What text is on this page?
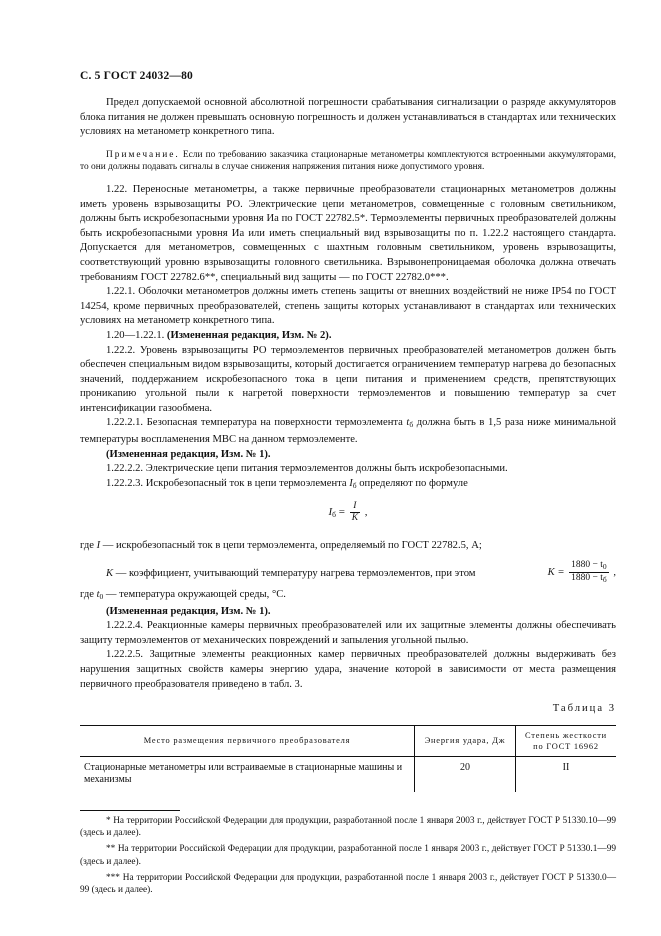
С. 5 ГОСТ 24032—80

Предел допускаемой основной абсолютной погрешности срабатывания сигнализации о разряде аккумуляторов блока питания не должен превышать основную погрешность и должен устанавливаться в стандартах или технических условиях на метанометр конкретного типа.

Примечание. Если по требованию заказчика стационарные метанометры комплектуются встроенными аккумуляторами, то они должны подавать сигналы в случае снижения напряжения питания ниже допустимого уровня.

1.22. Переносные метанометры, а также первичные преобразователи стационарных метанометров должны иметь уровень взрывозащиты РО. Электрические цепи метанометров, совмещенные с головным светильником, должны быть искробезопасными уровня Иа по ГОСТ 22782.5*. Термоэлементы первичных преобразователей должны быть искробезопасными уровня Иа или иметь специальный вид взрывозащиты по п. 1.22.2 настоящего стандарта. Допускается для метанометров, совмещенных с шахтным головным светильником, уровень взрывозащиты, соответствующий уровню взрывозащиты головного светильника. Взрывонепроницаемая оболочка должна отвечать требованиям ГОСТ 22782.6**, специальный вид защиты — по ГОСТ 22782.0***.

1.22.1. Оболочки метанометров должны иметь степень защиты от внешних воздействий не ниже IP54 по ГОСТ 14254, кроме первичных преобразователей, степень защиты которых устанавливают в стандартах или технических условиях на метанометр конкретного типа.

1.20—1.22.1. (Измененная редакция, Изм. № 2).

1.22.2. Уровень взрывозащиты РО термоэлементов первичных преобразователей метанометров должен быть обеспечен специальным видом взрывозащиты, который достигается ограничением температур нагрева до безопасных значений, поддержанием искробезопасного тока в цепи питания и применением средств, препятствующих проникanию угольной пыли к нагретой поверхности термоэлементов и повышению температур за счет интенсификации газообмена.

1.22.2.1. Безопасная температура на поверхности термоэлемента $t_б$ должна быть в 1,5 раза ниже минимальной температуры воспламенения МВС на данном термоэлементе.

(Измененная редакция, Изм. № 1).

1.22.2.2. Электрические цепи питания термоэлементов должны быть искробезопасными.

1.22.2.3. Искробезопасный ток в цепи термоэлемента $I_б$ определяют по формуле

$I_б = \frac{I}{K}$ ,

где I — искробезопасный ток в цепи термоэлемента, определяемый по ГОСТ 22782.5, А;

K — коэффициент, учитывающий температуру нагрева термоэлементов, при этом	$K = \frac{1880 - t_0}{1880 - t_б}$ ,

где $t_0$ — температура окружающей среды, °С.

(Измененная редакция, Изм. № 1).

1.22.2.4. Реакционные камеры первичных преобразователей или их защитные элементы должны обеспечивать защиту термоэлементов от механических повреждений и запыления угольной пылью.

1.22.2.5. Защитные элементы реакционных камер первичных преобразователей должны выдерживать без нарушения защитных свойств камеры энергию удара, значение которой в зависимости от места размещения первичного преобразователя приведено в табл. 3.

Таблица 3
Место размещения первичного преобразователя	Энергия удара, Дж	Степень жесткости по ГОСТ 16962
Стационарные метанометры или встраиваемые в стационарные машины и механизмы	20	II

* На территории Российской Федерации для продукции, разработанной после 1 января 2003 г., действует ГОСТ Р 51330.10—99 (здесь и далее).

** На территории Российской Федерации для продукции, разработанной после 1 января 2003 г., действует ГОСТ Р 51330.1—99 (здесь и далее).

*** На территории Российской Федерации для продукции, разработанной после 1 января 2003 г., действует ГОСТ Р 51330.0—99 (здесь и далее).
